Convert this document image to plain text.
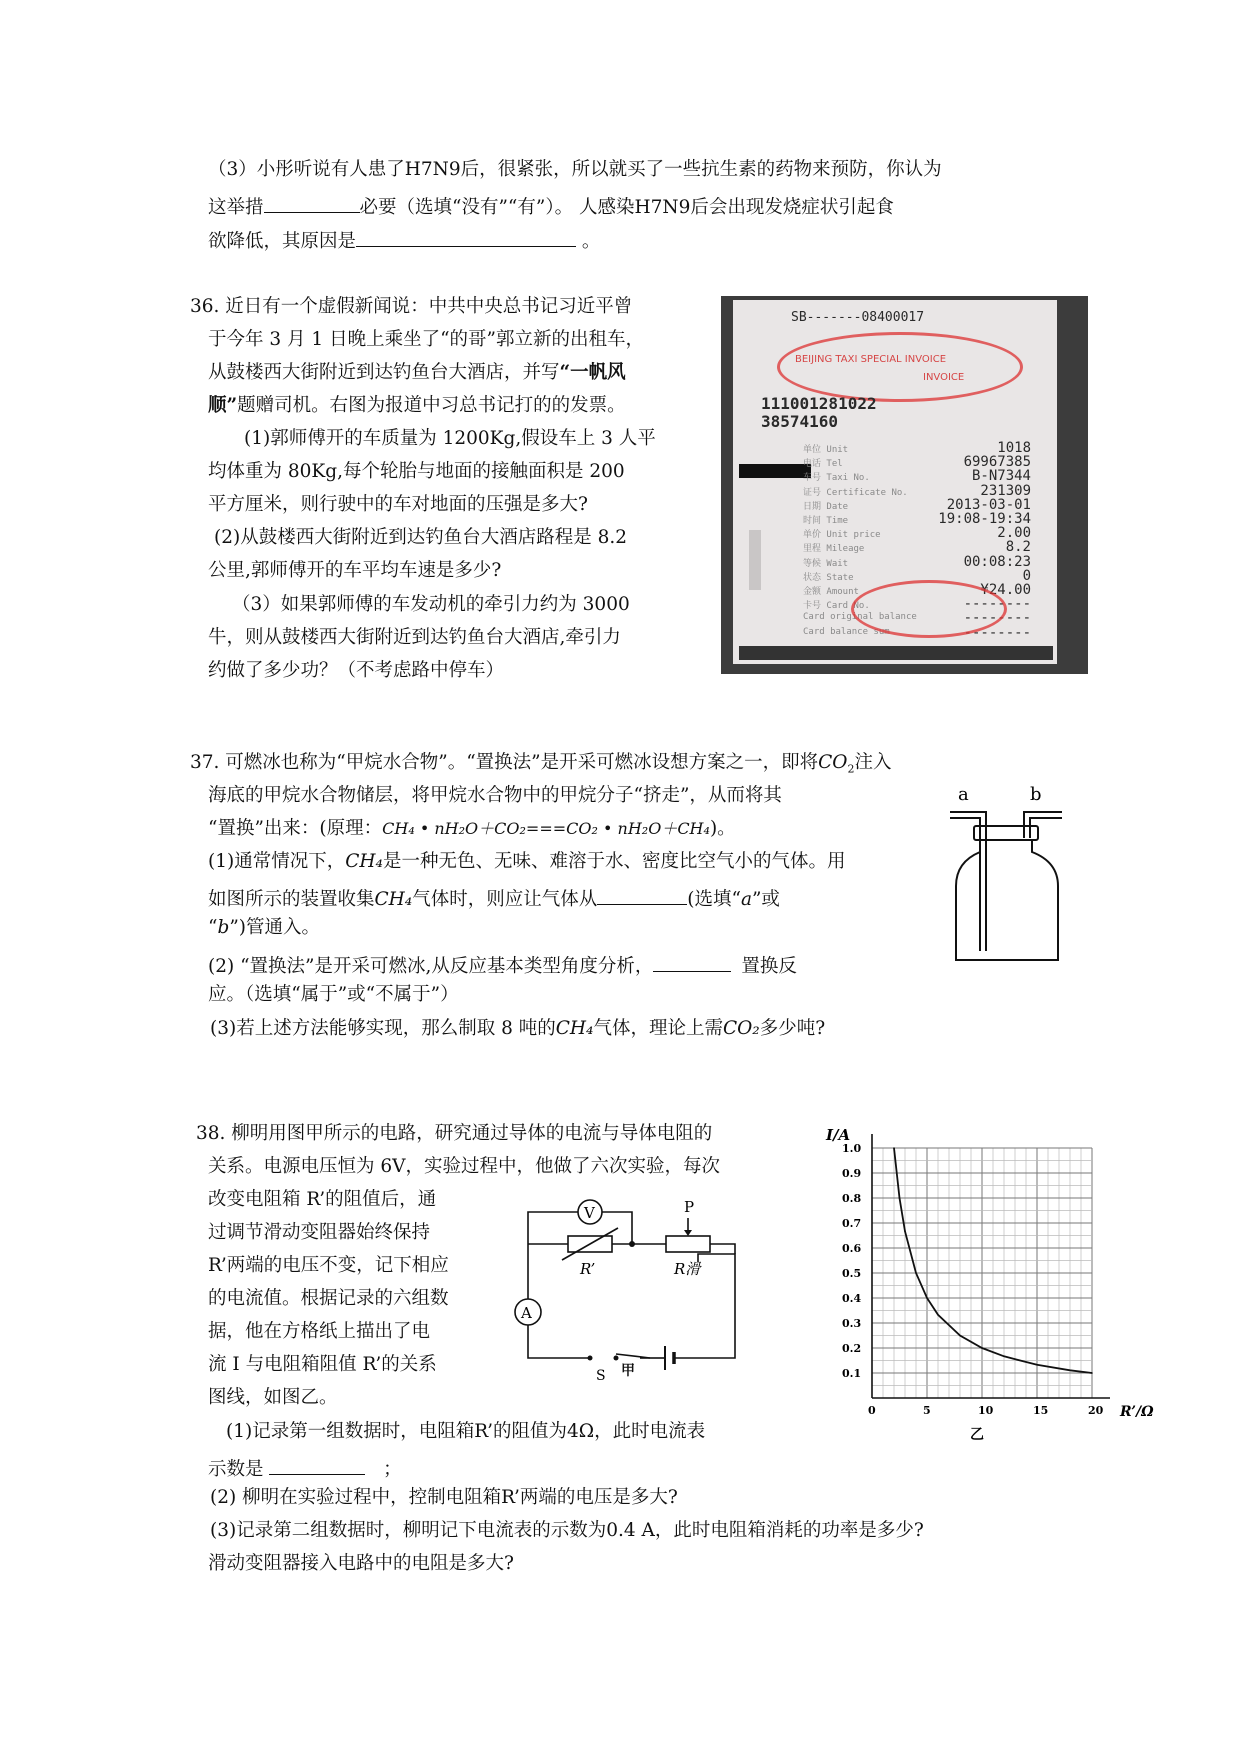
（3）小彤听说有人患了H7N9后，很紧张，所以就买了一些抗生素的药物来预防，你认为
这举措	必要（选填“没有”“有”）。 人感染H7N9后会出现发烧症状引起食
欲降低，其原因是	。
36. 近日有一个虚假新闻说：中共中央总书记习近平曾
于今年 3 月 1 日晚上乘坐了“的哥”郭立新的出租车，
从鼓楼西大街附近到达钓鱼台大酒店，并写“一帆风
顺”题赠司机。右图为报道中习总书记打的的发票。
(1)郭师傅开的车质量为 1200Kg,假设车上 3 人平
均体重为 80Kg,每个轮胎与地面的接触面积是 200
平方厘米，则行驶中的车对地面的压强是多大?
(2)从鼓楼西大街附近到达钓鱼台大酒店路程是 8.2
公里,郭师傅开的车平均车速是多少?
（3）如果郭师傅的车发动机的牵引力约为 3000
牛，则从鼓楼西大街附近到达钓鱼台大酒店,牵引力
约做了多少功？（不考虑路中停车）
SB-------08400017
BEIJING TAXI SPECIAL INVOICE
INVOICE
111001281022
38574160
单位 Unit	1018
电话 Tel	69967385
车号 Taxi No.	B-N7344
证号 Certificate No.	231309
日期 Date	2013-03-01
时间 Time	19:08-19:34
单价 Unit price	2.00
里程 Mileage	8.2
等候 Wait	00:08:23
状态 State	0
金额 Amount	¥24.00
卡号 Card No.	--------
Card original balance	--------
Card balance sum	--------
37. 可燃冰也称为“甲烷水合物”。“置换法”是开采可燃冰设想方案之一，即将$CO_2$注入
海底的甲烷水合物储层，将甲烷水合物中的甲烷分子“挤走”，从而将其
“置换”出来：(原理：CH₄ • nH₂O＋CO₂===CO₂ • nH₂O＋CH₄)。
(1)通常情况下，CH₄是一种无色、无味、难溶于水、密度比空气小的气体。用
如图所示的装置收集CH₄气体时，则应让气体从	(选填“a”或
“b”)管通入。
(2) “置换法”是开采可燃冰,从反应基本类型角度分析，	置换反
应。（选填“属于”或“不属于”）
(3)若上述方法能够实现，那么制取 8 吨的CH₄气体，理论上需CO₂多少吨?
a	b
38. 柳明用图甲所示的电路，研究通过导体的电流与导体电阻的
关系。电源电压恒为 6V，实验过程中，他做了六次实验，每次
改变电阻箱 R’的阻值后，通
过调节滑动变阻器始终保持
R’两端的电压不变，记下相应
的电流值。根据记录的六组数
据，他在方格纸上描出了电
流 I 与电阻箱阻值 R’的关系
图线，如图乙。
(1)记录第一组数据时，电阻箱R’的阻值为4Ω，此时电流表
示数是	；
(2) 柳明在实验过程中，控制电阻箱R’两端的电压是多大?
(3)记录第二组数据时，柳明记下电流表的示数为0.4 A，此时电阻箱消耗的功率是多少?
滑动变阻器接入电路中的电阻是多大?
V
A
P
R’	R滑
S 甲
0	5	10	15	20
0.1
0.2
0.3
0.4
0.5
0.6
0.7
0.8
0.9
1.0
I/A
R’/Ω
乙
